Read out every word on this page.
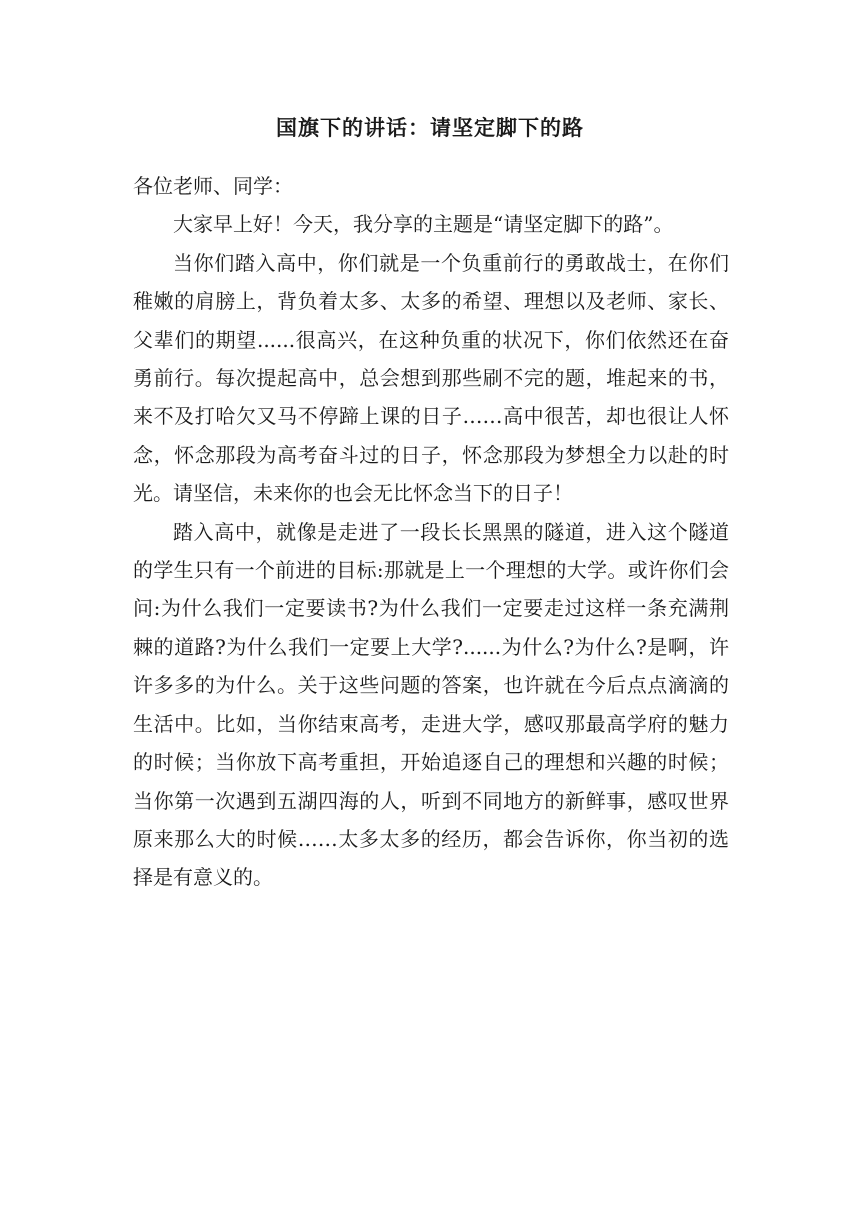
国旗下的讲话：请坚定脚下的路

各位老师、同学：

大家早上好！今天，我分享的主题是“请坚定脚下的路”。

当你们踏入高中，你们就是一个负重前行的勇敢战士，在你们稚嫩的肩膀上，背负着太多、太多的希望、理想以及老师、家长、父辈们的期望......很高兴，在这种负重的状况下，你们依然还在奋勇前行。每次提起高中，总会想到那些刷不完的题，堆起来的书，来不及打哈欠又马不停蹄上课的日子……高中很苦，却也很让人怀念，怀念那段为高考奋斗过的日子，怀念那段为梦想全力以赴的时光。请坚信，未来你的也会无比怀念当下的日子！

踏入高中，就像是走进了一段长长黑黑的隧道，进入这个隧道的学生只有一个前进的目标:那就是上一个理想的大学。或许你们会问:为什么我们一定要读书?为什么我们一定要走过这样一条充满荆棘的道路?为什么我们一定要上大学?......为什么?为什么?是啊，许许多多的为什么。关于这些问题的答案，也许就在今后点点滴滴的生活中。比如，当你结束高考，走进大学，感叹那最高学府的魅力的时候；当你放下高考重担，开始追逐自己的理想和兴趣的时候；当你第一次遇到五湖四海的人，听到不同地方的新鲜事，感叹世界原来那么大的时候……太多太多的经历，都会告诉你，你当初的选择是有意义的。
